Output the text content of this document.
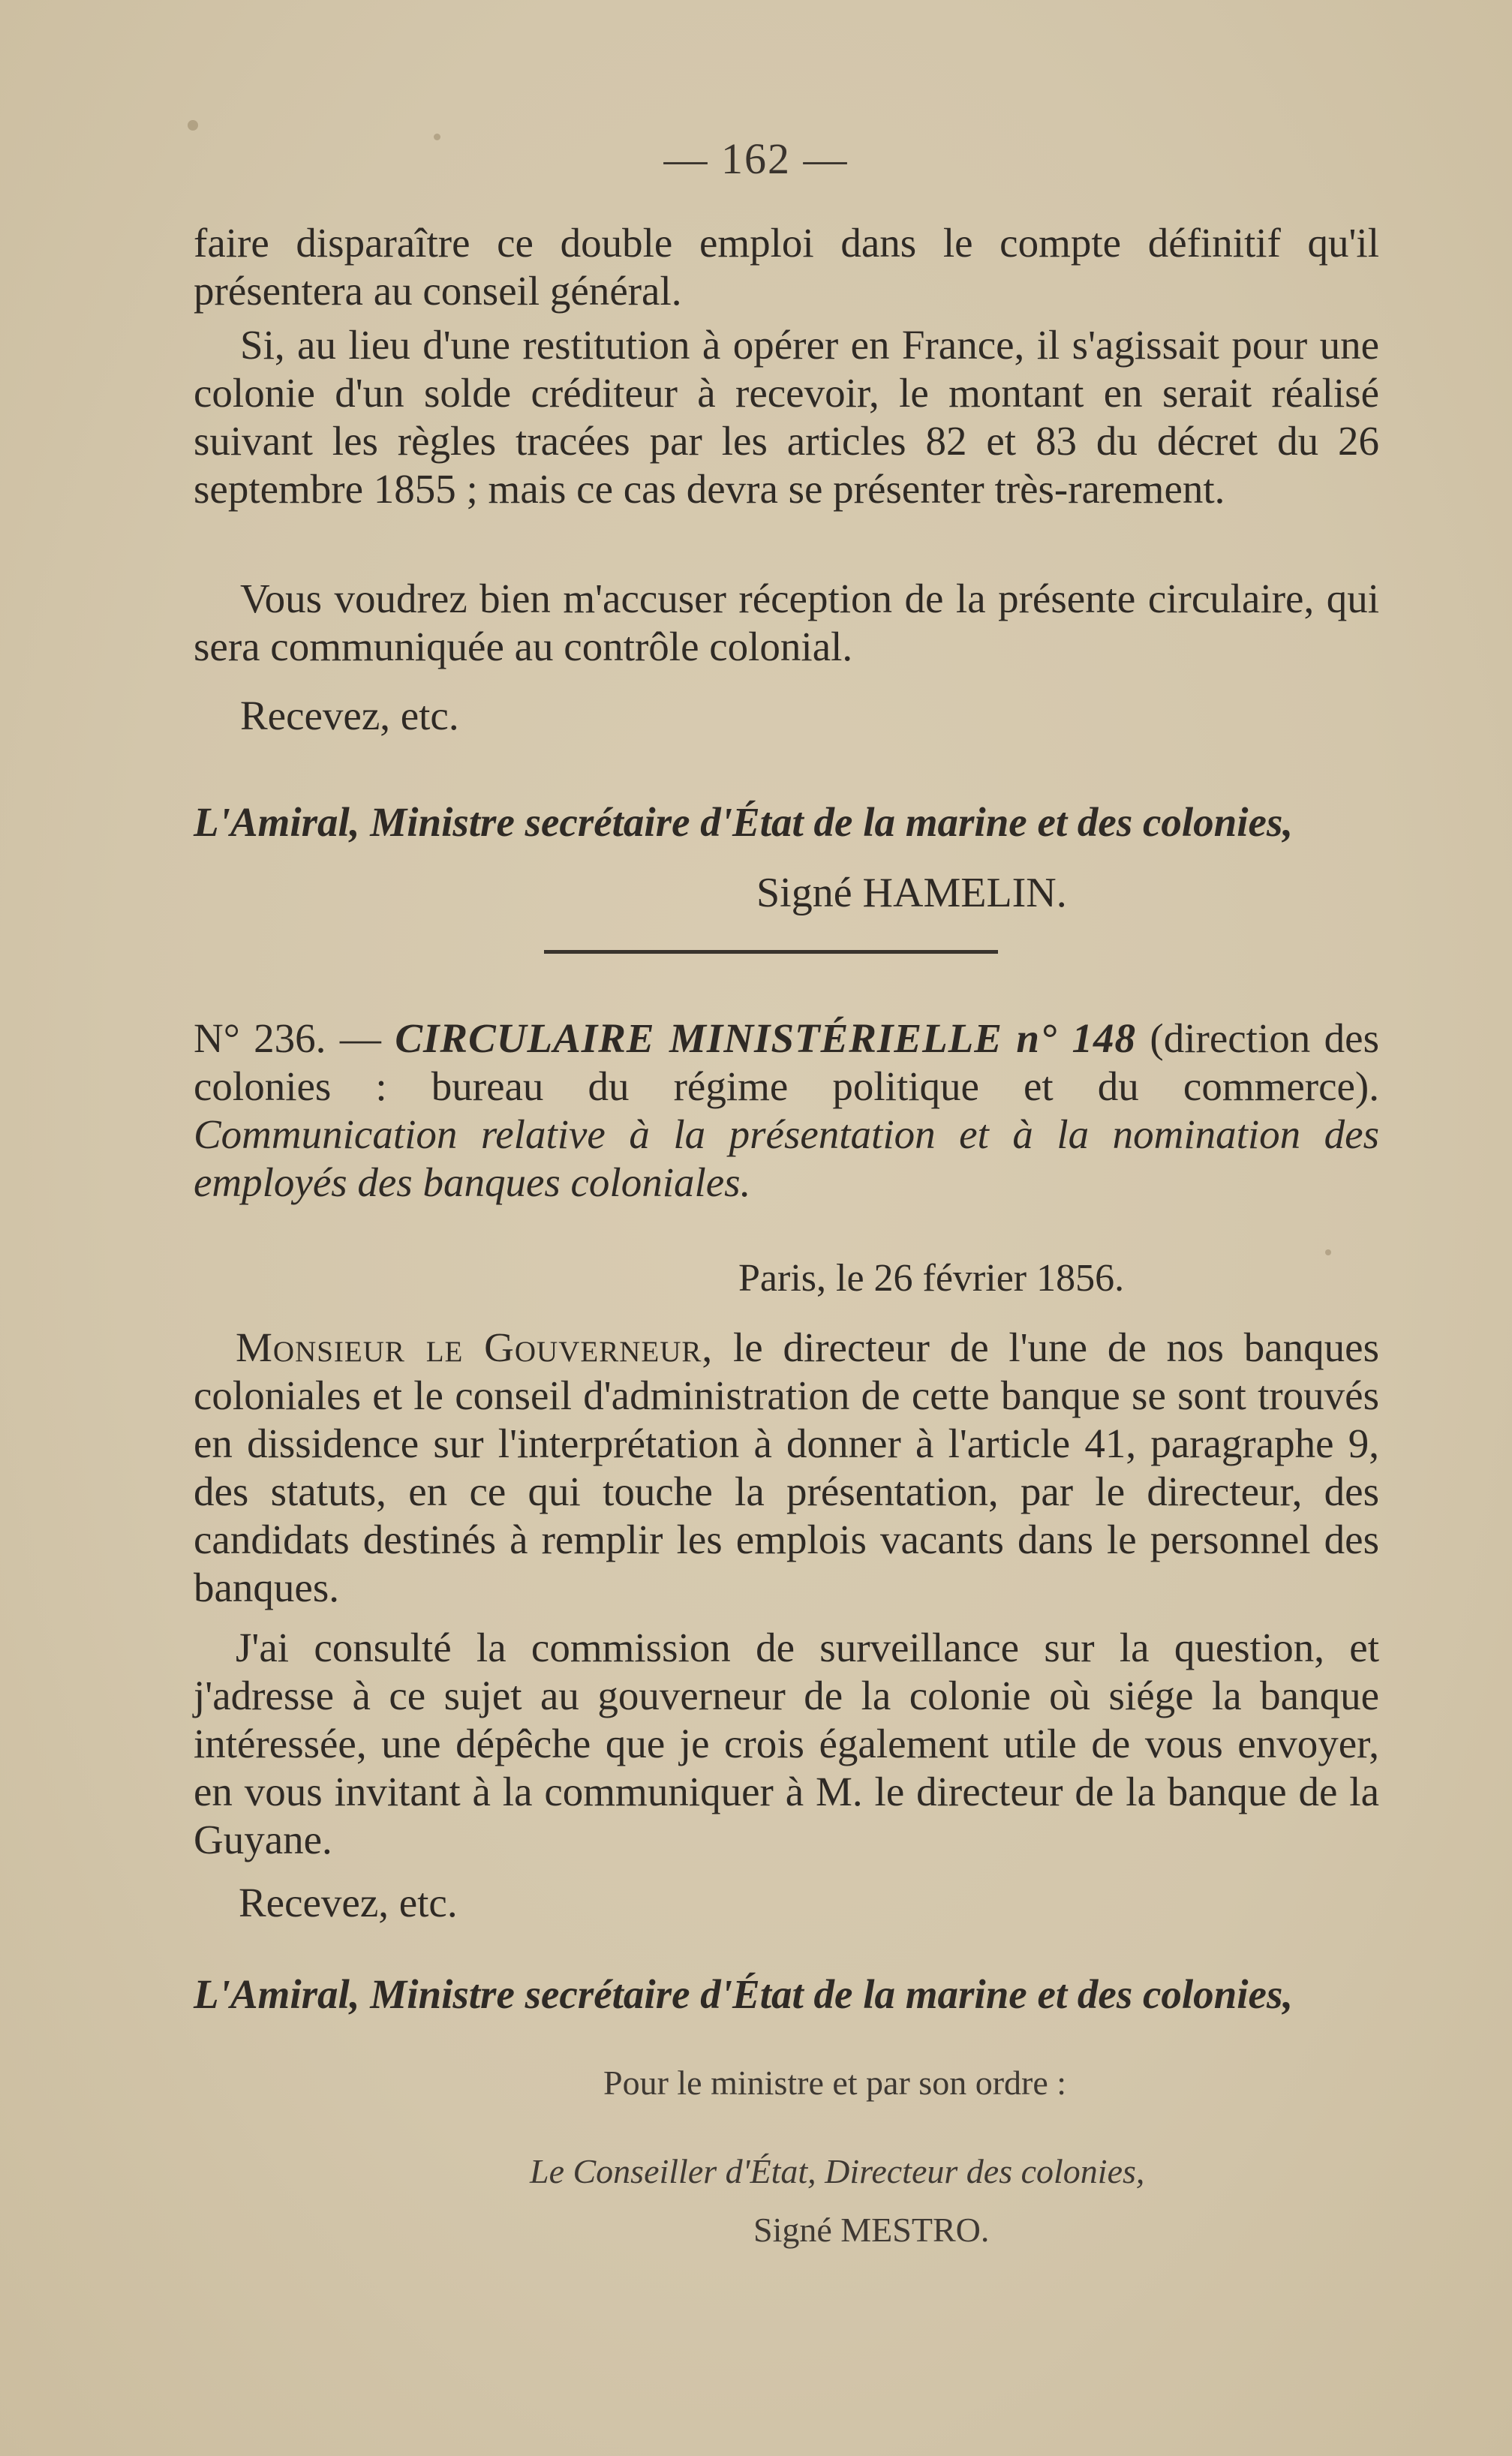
— 162 —

faire disparaître ce double emploi dans le compte définitif qu'il présentera au conseil général.

Si, au lieu d'une restitution à opérer en France, il s'agissait pour une colonie d'un solde créditeur à recevoir, le montant en serait réalisé suivant les règles tracées par les articles 82 et 83 du décret du 26 septembre 1855 ; mais ce cas devra se présenter très-rarement.

Vous voudrez bien m'accuser réception de la présente circulaire, qui sera communiquée au contrôle colonial.

Recevez, etc.

L'Amiral, Ministre secrétaire d'État de la marine et des colonies,

Signé HAMELIN.

N° 236. — CIRCULAIRE MINISTÉRIELLE n° 148 (direction des colonies : bureau du régime politique et du commerce). Communication relative à la présentation et à la nomination des employés des banques coloniales.

Paris, le 26 février 1856.

Monsieur le Gouverneur, le directeur de l'une de nos banques coloniales et le conseil d'administration de cette banque se sont trouvés en dissidence sur l'interprétation à donner à l'article 41, paragraphe 9, des statuts, en ce qui touche la présentation, par le directeur, des candidats destinés à remplir les emplois vacants dans le personnel des banques.

J'ai consulté la commission de surveillance sur la question, et j'adresse à ce sujet au gouverneur de la colonie où siége la banque intéressée, une dépêche que je crois également utile de vous envoyer, en vous invitant à la communiquer à M. le directeur de la banque de la Guyane.

Recevez, etc.

L'Amiral, Ministre secrétaire d'État de la marine et des colonies,

Pour le ministre et par son ordre :

Le Conseiller d'État, Directeur des colonies,

Signé MESTRO.
